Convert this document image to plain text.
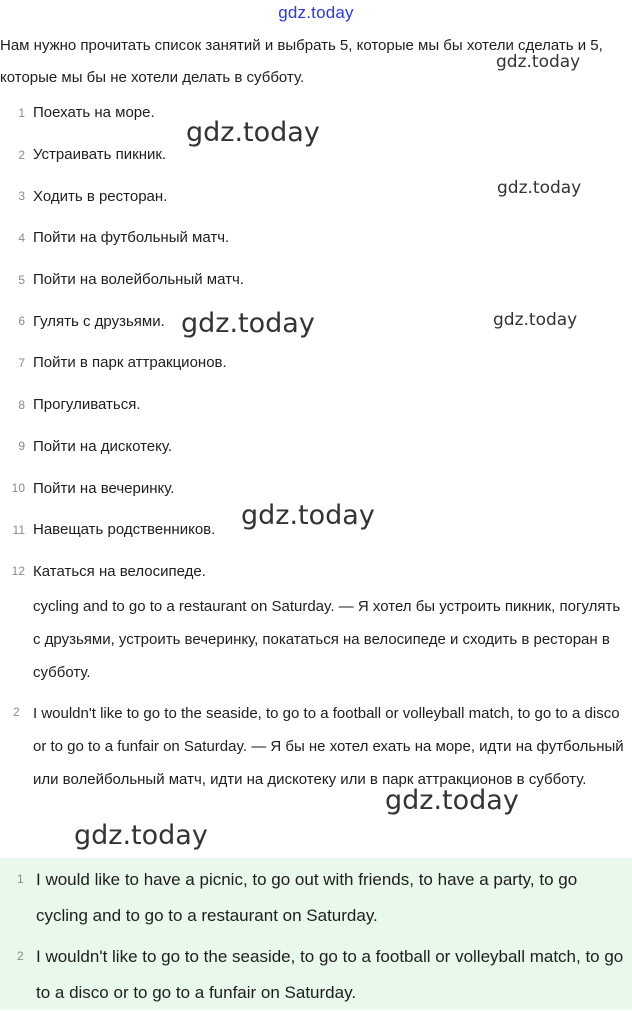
gdz.today
Нам нужно прочитать список занятий и выбрать 5, которые мы бы хотели сделать и 5, которые мы бы не хотели делать в субботу.
1 Поехать на море.
2 Устраивать пикник.
3 Ходить в ресторан.
4 Пойти на футбольный матч.
5 Пойти на волейбольный матч.
6 Гулять с друзьями.
7 Пойти в парк аттракционов.
8 Прогуливаться.
9 Пойти на дискотеку.
10 Пойти на вечеринку.
11 Навещать родственников.
12 Кататься на велосипеде.
cycling and to go to a restaurant on Saturday. — Я хотел бы устроить пикник, погулять с друзьями, устроить вечеринку, покататься на велосипеде и сходить в ресторан в субботу.
2 I wouldn't like to go to the seaside, to go to a football or volleyball match, to go to a disco or to go to a funfair on Saturday. — Я бы не хотел ехать на море, идти на футбольный или волейбольный матч, идти на дискотеку или в парк аттракционов в субботу.
1 I would like to have a picnic, to go out with friends, to have a party, to go cycling and to go to a restaurant on Saturday.
2 I wouldn't like to go to the seaside, to go to a football or volleyball match, to go to a disco or to go to a funfair on Saturday.
gdz.today
gdz.today
gdz.today
gdz.today	gdz.today
gdz.today
gdz.today
gdz.today
